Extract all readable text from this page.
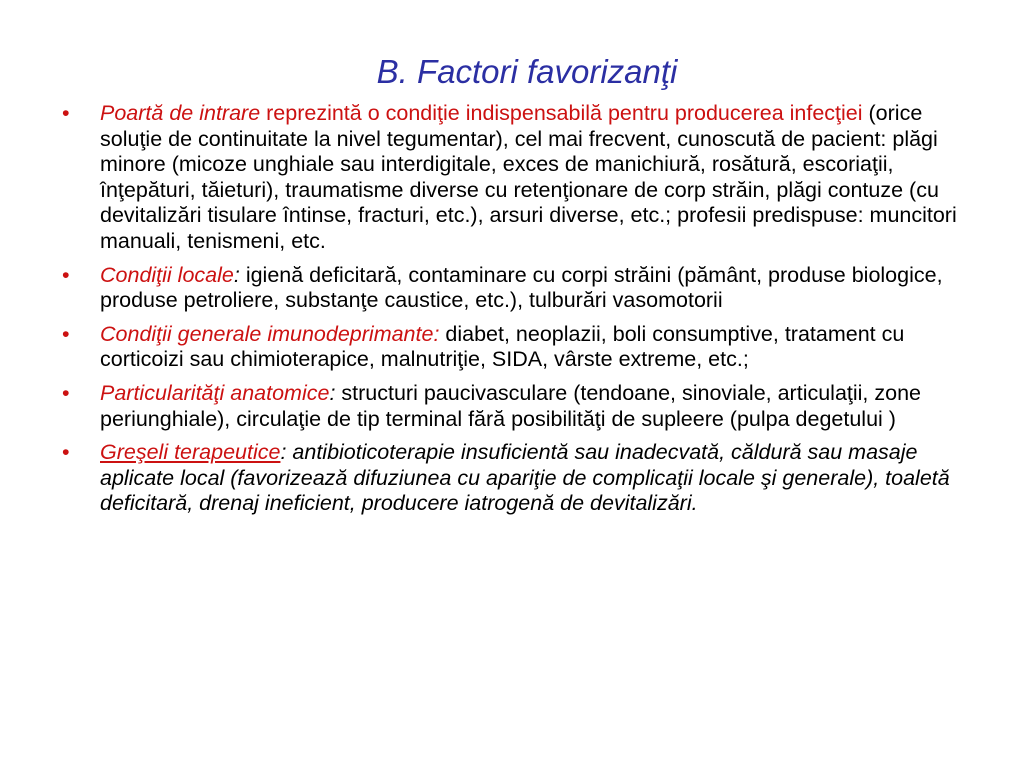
B. Factori favorizanţi
• Poartă de intrare reprezintă o condiţie indispensabilă pentru producerea infecţiei (orice soluţie de continuitate la nivel tegumentar), cel mai frecvent, cunoscută de pacient: plăgi minore (micoze unghiale sau interdigitale, exces de manichiură, rosătură, escoriaţii, înţepături, tăieturi), traumatisme diverse cu retenţionare de corp străin, plăgi contuze (cu devitalizări tisulare întinse, fracturi, etc.), arsuri diverse, etc.; profesii predispuse: muncitori manuali, tenismeni, etc.
• Condiţii locale: igienă deficitară, contaminare cu corpi străini (pământ, produse biologice, produse petroliere, substanţe caustice, etc.), tulburări vasomotorii
• Condiţii generale imunodeprimante: diabet, neoplazii, boli consumptive, tratament cu corticoizi sau chimioterapice, malnutriţie, SIDA, vârste extreme, etc.;
• Particularităţi anatomice: structuri paucivasculare (tendoane, sinoviale, articulaţii, zone periunghiale), circulaţie de tip terminal fără posibilităţi de supleere (pulpa degetului )
• Greşeli terapeutice: antibioticoterapie insuficientă sau inadecvată, căldură sau masaje aplicate local (favorizează difuziunea cu apariţie de complicaţii locale şi generale), toaletă deficitară, drenaj ineficient, producere iatrogenă de devitalizări.
